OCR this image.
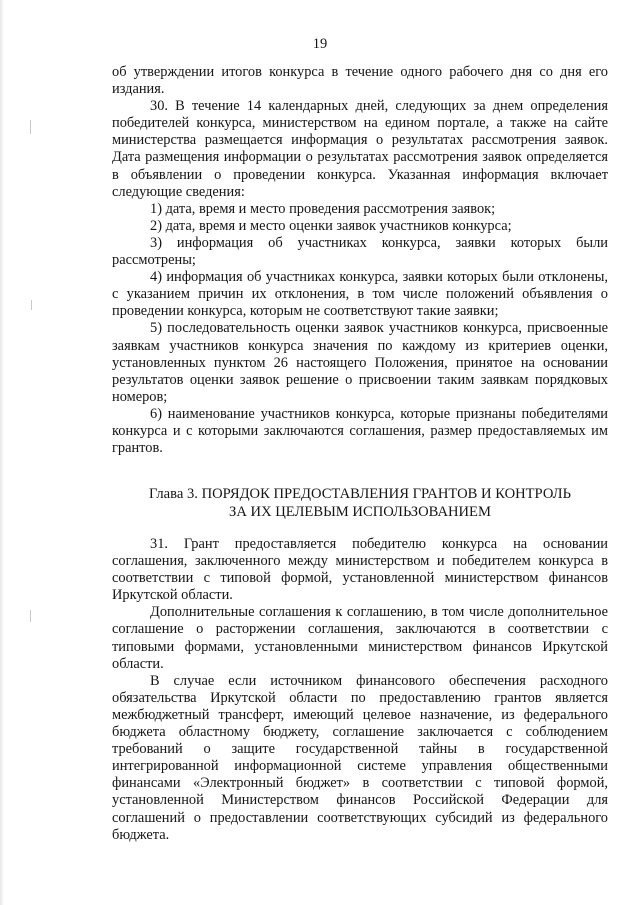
19

об утверждении итогов конкурса в течение одного рабочего дня со дня его издания.

30. В течение 14 календарных дней, следующих за днем определения победителей конкурса, министерством на едином портале, а также на сайте министерства размещается информация о результатах рассмотрения заявок. Дата размещения информации о результатах рассмотрения заявок определяется в объявлении о проведении конкурса. Указанная информация включает следующие сведения:

1) дата, время и место проведения рассмотрения заявок;

2) дата, время и место оценки заявок участников конкурса;

3) информация об участниках конкурса, заявки которых были рассмотрены;

4) информация об участниках конкурса, заявки которых были отклонены, с указанием причин их отклонения, в том числе положений объявления о проведении конкурса, которым не соответствуют такие заявки;

5) последовательность оценки заявок участников конкурса, присвоенные заявкам участников конкурса значения по каждому из критериев оценки, установленных пунктом 26 настоящего Положения, принятое на основании результатов оценки заявок решение о присвоении таким заявкам порядковых номеров;

6) наименование участников конкурса, которые признаны победителями конкурса и с которыми заключаются соглашения, размер предоставляемых им грантов.

Глава 3. ПОРЯДОК ПРЕДОСТАВЛЕНИЯ ГРАНТОВ И КОНТРОЛЬ
ЗА ИХ ЦЕЛЕВЫМ ИСПОЛЬЗОВАНИЕМ

31. Грант предоставляется победителю конкурса на основании соглашения, заключенного между министерством и победителем конкурса в соответствии с типовой формой, установленной министерством финансов Иркутской области.

Дополнительные соглашения к соглашению, в том числе дополнительное соглашение о расторжении соглашения, заключаются в соответствии с типовыми формами, установленными министерством финансов Иркутской области.

В случае если источником финансового обеспечения расходного обязательства Иркутской области по предоставлению грантов является межбюджетный трансферт, имеющий целевое назначение, из федерального бюджета областному бюджету, соглашение заключается с соблюдением требований о защите государственной тайны в государственной интегрированной информационной системе управления общественными финансами «Электронный бюджет» в соответствии с типовой формой, установленной Министерством финансов Российской Федерации для соглашений о предоставлении соответствующих субсидий из федерального бюджета.
